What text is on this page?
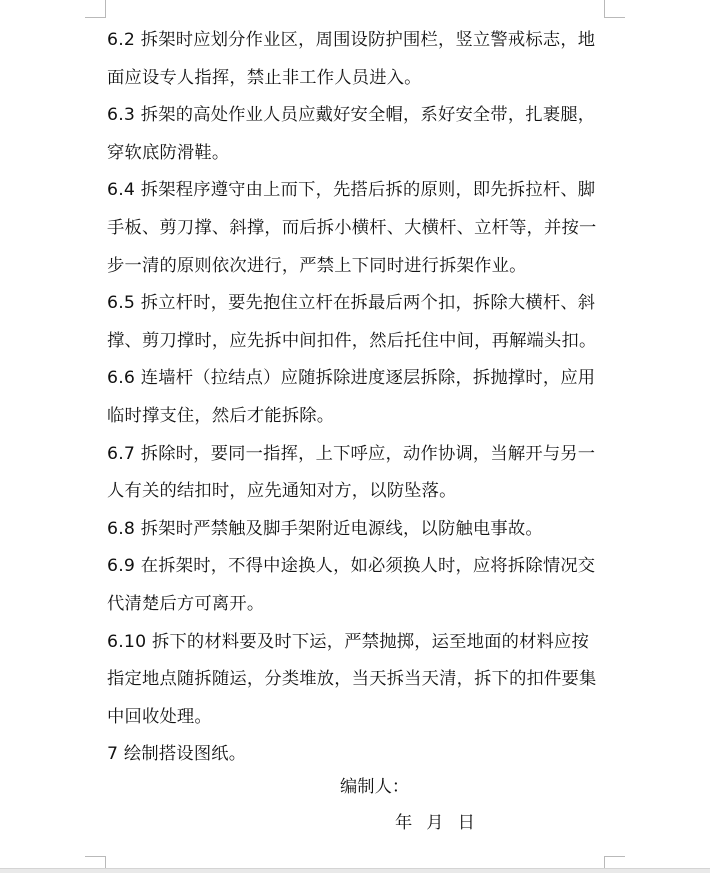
6.2 拆架时应划分作业区，周围设防护围栏，竖立警戒标志，地
面应设专人指挥，禁止非工作人员进入。
6.3 拆架的高处作业人员应戴好安全帽，系好安全带，扎裹腿，
穿软底防滑鞋。
6.4 拆架程序遵守由上而下，先搭后拆的原则，即先拆拉杆、脚
手板、剪刀撑、斜撑，而后拆小横杆、大横杆、立杆等，并按一
步一清的原则依次进行，严禁上下同时进行拆架作业。
6.5 拆立杆时，要先抱住立杆在拆最后两个扣，拆除大横杆、斜
撑、剪刀撑时，应先拆中间扣件，然后托住中间，再解端头扣。
6.6 连墙杆（拉结点）应随拆除进度逐层拆除，拆抛撑时，应用
临时撑支住，然后才能拆除。
6.7 拆除时，要同一指挥，上下呼应，动作协调，当解开与另一
人有关的结扣时，应先通知对方，以防坠落。
6.8 拆架时严禁触及脚手架附近电源线，以防触电事故。
6.9 在拆架时，不得中途换人，如必须换人时，应将拆除情况交
代清楚后方可离开。
6.10 拆下的材料要及时下运，严禁抛掷，运至地面的材料应按
指定地点随拆随运，分类堆放，当天拆当天清，拆下的扣件要集
中回收处理。
7 绘制搭设图纸。
编制人：
年 月 日
